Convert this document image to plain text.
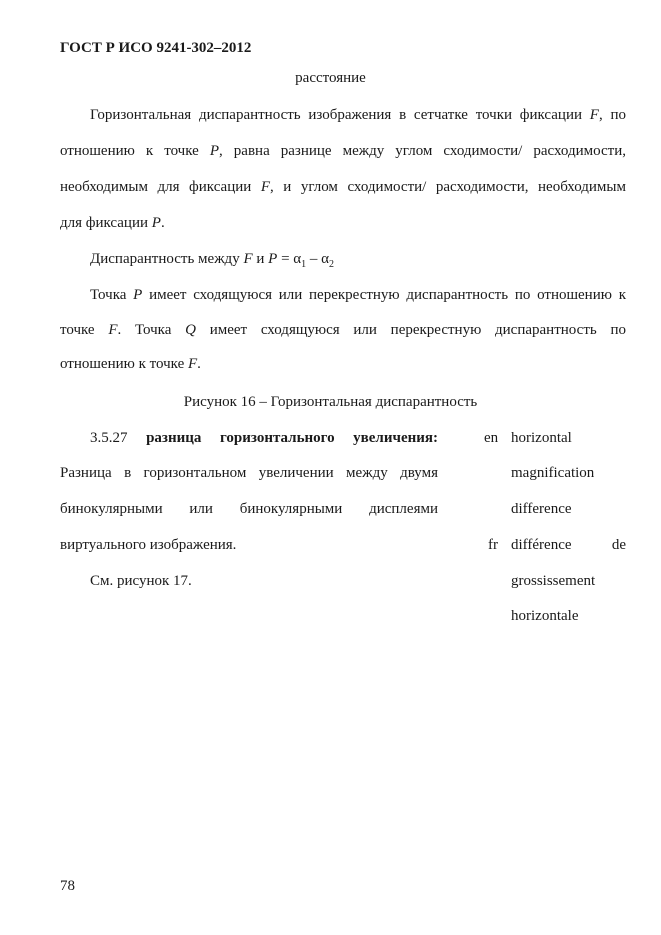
ГОСТ Р ИСО 9241-302–2012
расстояние
Горизонтальная диспарантность изображения в сетчатке точки фиксации F, по
отношению к точке P, равна разнице между углом сходимости/ расходимости,
необходимым для фиксации F, и углом сходимости/ расходимости, необходимым
для фиксации P.
Диспарантность между F и $P = \alpha_1 - \alpha_2$
Точка P имеет сходящуюся или перекрестную диспарантность по отношению к
точке F. Точка Q имеет сходящуюся или перекрестную диспарантность по
отношению к точке F.
Рисунок 16 – Горизонтальная диспарантность
3.5.27 разница горизонтального увеличения:
Разница в горизонтальном увеличении между двумя
бинокулярными или бинокулярными дисплеями
виртуального изображения.
См. рисунок 17.
en horizontal
magnification
difference
fr différence de
grossissement
horizontale
78
